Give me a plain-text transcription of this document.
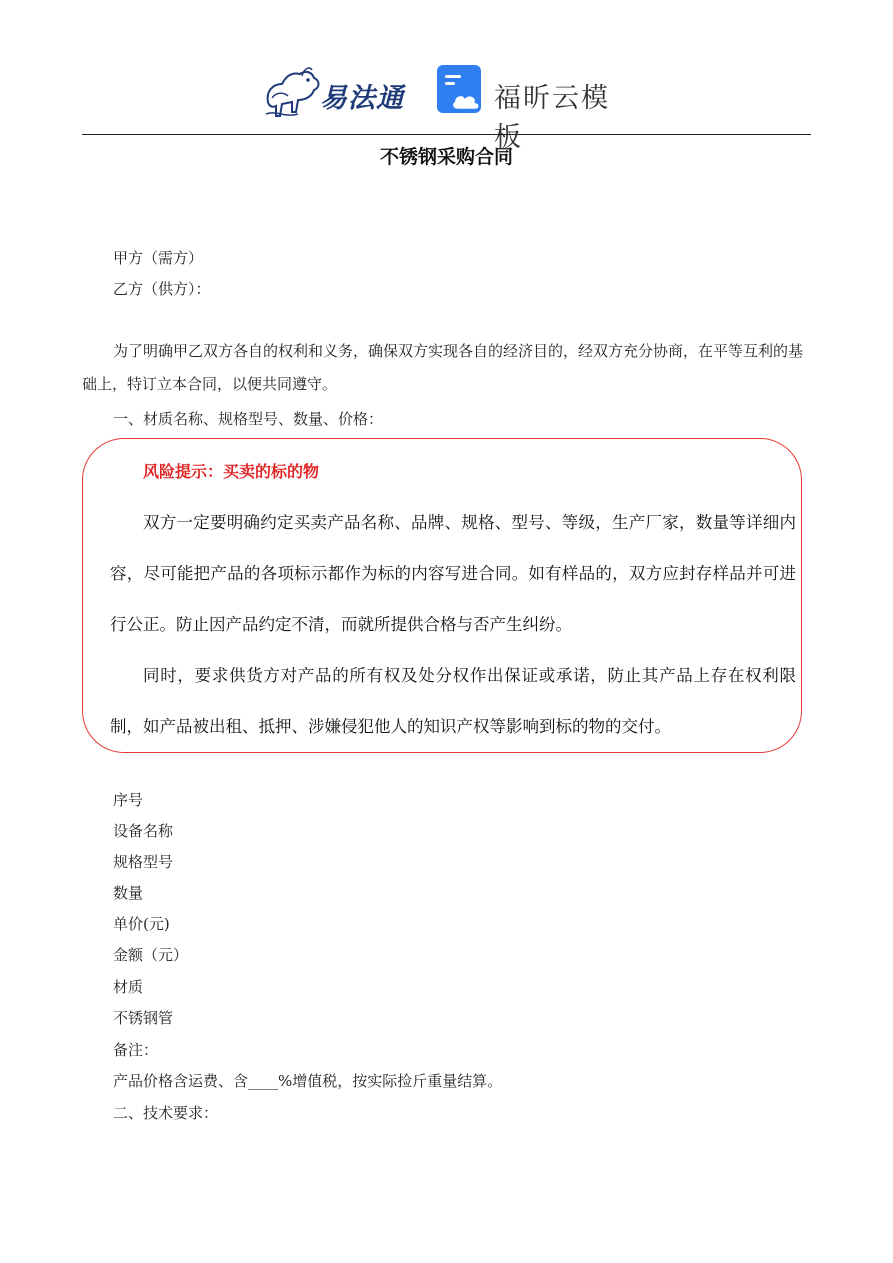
易法通	福昕云模板
不锈钢采购合同
甲方（需方）
乙方（供方）：
为了明确甲乙双方各自的权利和义务，确保双方实现各自的经济目的，经双方充分协商，在平等互利的基础上，特订立本合同，以便共同遵守。
一、材质名称、规格型号、数量、价格：
风险提示：买卖的标的物
双方一定要明确约定买卖产品名称、品牌、规格、型号、等级，生产厂家，数量等详细内容，尽可能把产品的各项标示都作为标的内容写进合同。如有样品的，双方应封存样品并可进行公正。防止因产品约定不清，而就所提供合格与否产生纠纷。
同时，要求供货方对产品的所有权及处分权作出保证或承诺，防止其产品上存在权利限制，如产品被出租、抵押、涉嫌侵犯他人的知识产权等影响到标的物的交付。
序号
设备名称
规格型号
数量
单价(元)
金额（元）
材质
不锈钢管
备注：
产品价格含运费、含____%增值税，按实际捡斤重量结算。
二、技术要求：
